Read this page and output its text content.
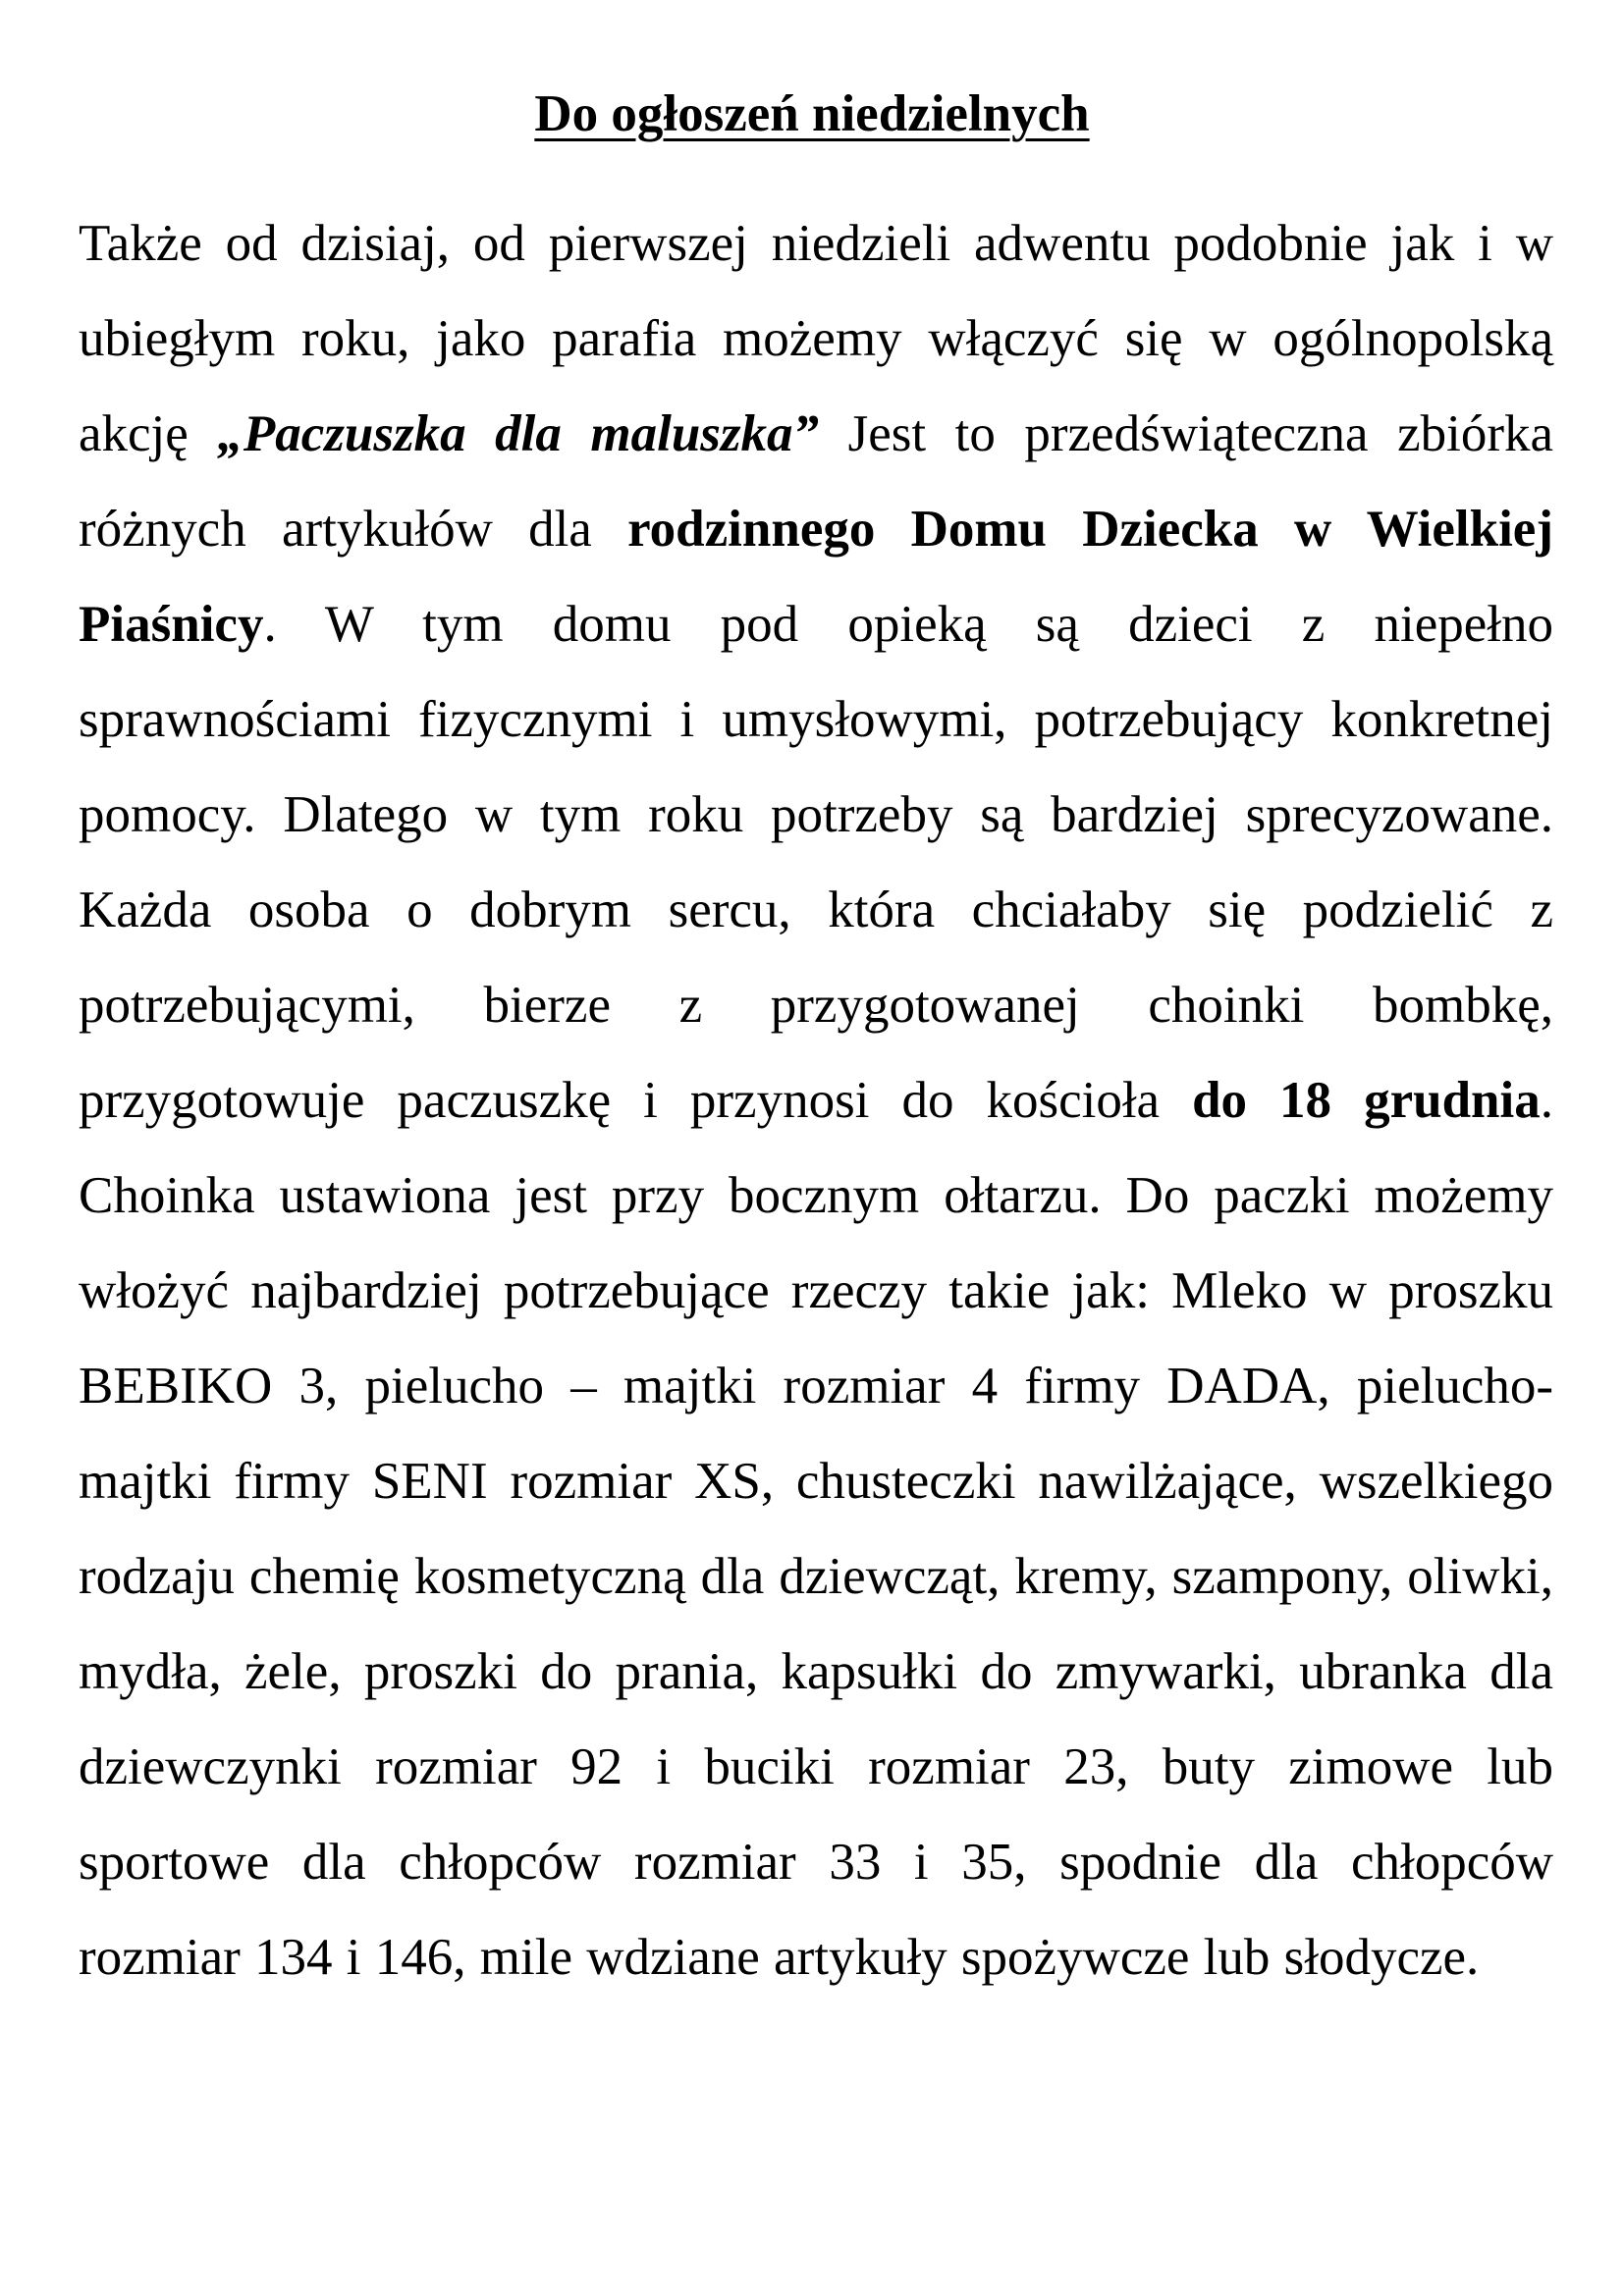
Do ogłoszeń niedzielnych

Także od dzisiaj, od pierwszej niedzieli adwentu podobnie jak i w ubiegłym roku, jako parafia możemy włączyć się w ogólnopolską akcję „Paczuszka dla maluszka” Jest to przedświąteczna zbiórka różnych artykułów dla rodzinnego Domu Dziecka w Wielkiej Piaśnicy. W tym domu pod opieką są dzieci z niepełno sprawnościami fizycznymi i umysłowymi, potrzebujący konkretnej pomocy. Dlatego w tym roku potrzeby są bardziej sprecyzowane. Każda osoba o dobrym sercu, która chciałaby się podzielić z potrzebującymi, bierze z przygotowanej choinki bombkę, przygotowuje paczuszkę i przynosi do kościoła do 18 grudnia. Choinka ustawiona jest przy bocznym ołtarzu. Do paczki możemy włożyć najbardziej potrzebujące rzeczy takie jak: Mleko w proszku BEBIKO 3, pielucho – majtki rozmiar 4 firmy DADA, pielucho-majtki firmy SENI rozmiar XS, chusteczki nawilżające, wszelkiego rodzaju chemię kosmetyczną dla dziewcząt, kremy, szampony, oliwki, mydła, żele, proszki do prania, kapsułki do zmywarki, ubranka dla dziewczynki rozmiar 92 i buciki rozmiar 23, buty zimowe lub sportowe dla chłopców rozmiar 33 i 35, spodnie dla chłopców rozmiar 134 i 146, mile wdziane artykuły spożywcze lub słodycze.
